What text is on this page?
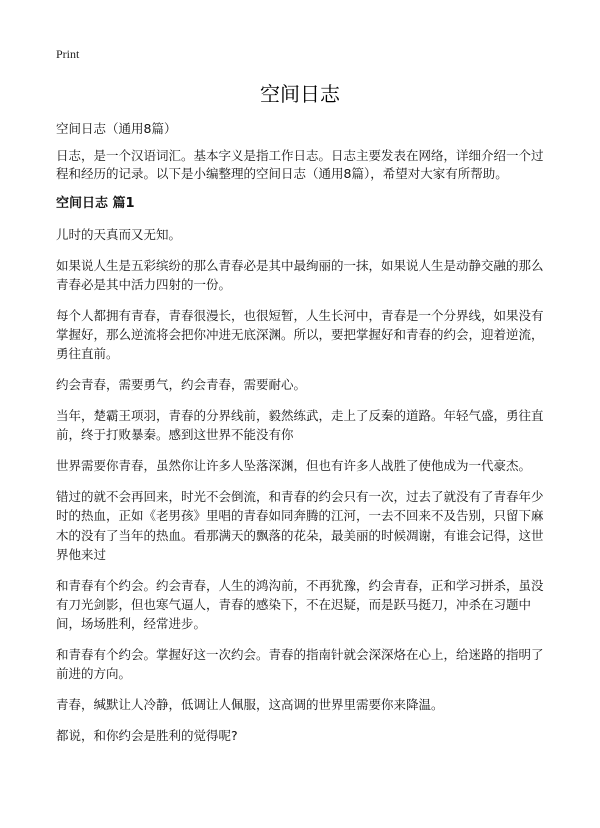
Print
空间日志

空间日志（通用8篇）

日志，是一个汉语词汇。基本字义是指工作日志。日志主要发表在网络，详细介绍一个过程和经历的记录。以下是小编整理的空间日志（通用8篇），希望对大家有所帮助。

空间日志 篇1

儿时的天真而又无知。

如果说人生是五彩缤纷的那么青春必是其中最绚丽的一抹，如果说人生是动静交融的那么青春必是其中活力四射的一份。

每个人都拥有青春，青春很漫长，也很短暂，人生长河中，青春是一个分界线，如果没有掌握好，那么逆流将会把你冲进无底深渊。所以，要把掌握好和青春的约会，迎着逆流，勇往直前。

约会青春，需要勇气，约会青春，需要耐心。

当年，楚霸王项羽，青春的分界线前，毅然练武，走上了反秦的道路。年轻气盛，勇往直前，终于打败暴秦。感到这世界不能没有你

世界需要你青春，虽然你让许多人坠落深渊，但也有许多人战胜了使他成为一代豪杰。

错过的就不会再回来，时光不会倒流，和青春的约会只有一次，过去了就没有了青春年少时的热血，正如《老男孩》里唱的青春如同奔腾的江河，一去不回来不及告别，只留下麻木的没有了当年的热血。看那满天的飘落的花朵，最美丽的时候凋谢，有谁会记得，这世界他来过

和青春有个约会。约会青春，人生的鸿沟前，不再犹豫，约会青春，正和学习拼杀，虽没有刀光剑影，但也寒气逼人，青春的感染下，不在迟疑，而是跃马挺刀，冲杀在习题中间，场场胜利，经常进步。

和青春有个约会。掌握好这一次约会。青春的指南针就会深深烙在心上，给迷路的指明了前进的方向。

青春，缄默让人冷静，低调让人佩服，这高调的世界里需要你来降温。

都说，和你约会是胜利的觉得呢?
